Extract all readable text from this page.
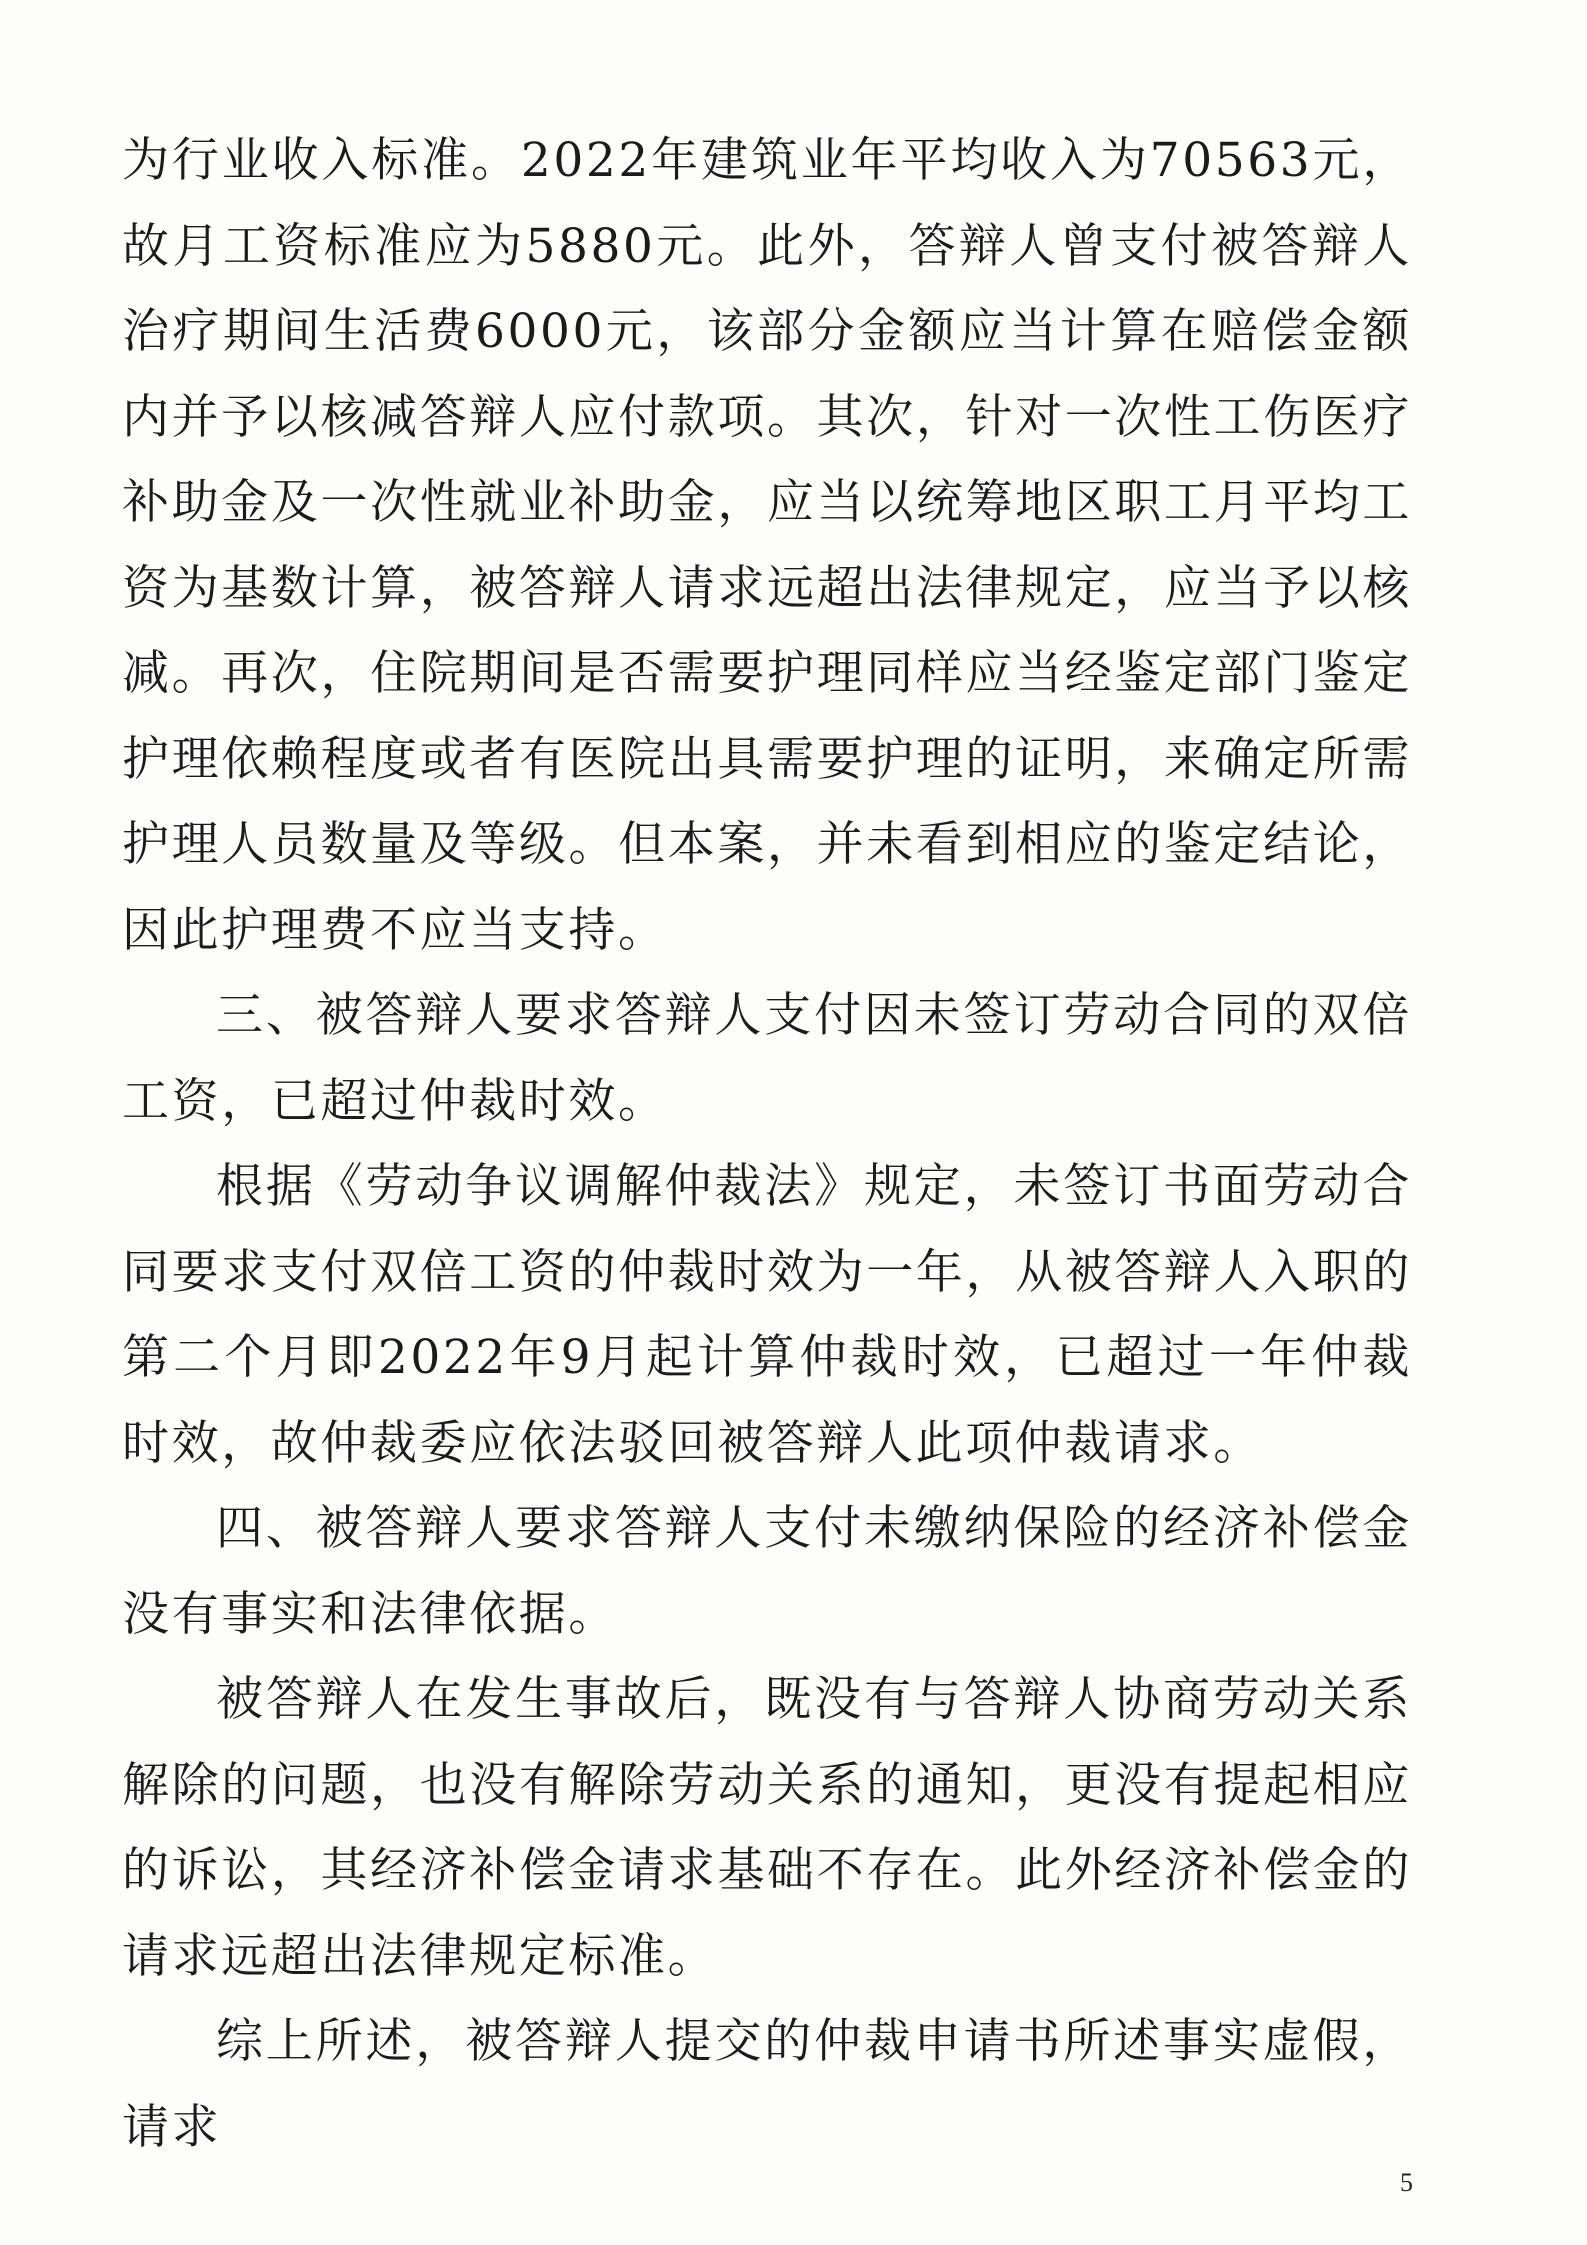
为行业收入标准。2022年建筑业年平均收入为70563元，故月工资标准应为5880元。此外，答辩人曾支付被答辩人治疗期间生活费6000元，该部分金额应当计算在赔偿金额内并予以核减答辩人应付款项。其次，针对一次性工伤医疗补助金及一次性就业补助金，应当以统筹地区职工月平均工资为基数计算，被答辩人请求远超出法律规定，应当予以核减。再次，住院期间是否需要护理同样应当经鉴定部门鉴定护理依赖程度或者有医院出具需要护理的证明，来确定所需护理人员数量及等级。但本案，并未看到相应的鉴定结论，因此护理费不应当支持。

三、被答辩人要求答辩人支付因未签订劳动合同的双倍工资，已超过仲裁时效。

根据《劳动争议调解仲裁法》规定，未签订书面劳动合同要求支付双倍工资的仲裁时效为一年，从被答辩人入职的第二个月即2022年9月起计算仲裁时效，已超过一年仲裁时效，故仲裁委应依法驳回被答辩人此项仲裁请求。

四、被答辩人要求答辩人支付未缴纳保险的经济补偿金没有事实和法律依据。

被答辩人在发生事故后，既没有与答辩人协商劳动关系解除的问题，也没有解除劳动关系的通知，更没有提起相应的诉讼，其经济补偿金请求基础不存在。此外经济补偿金的请求远超出法律规定标准。

综上所述，被答辩人提交的仲裁申请书所述事实虚假，请求

5
